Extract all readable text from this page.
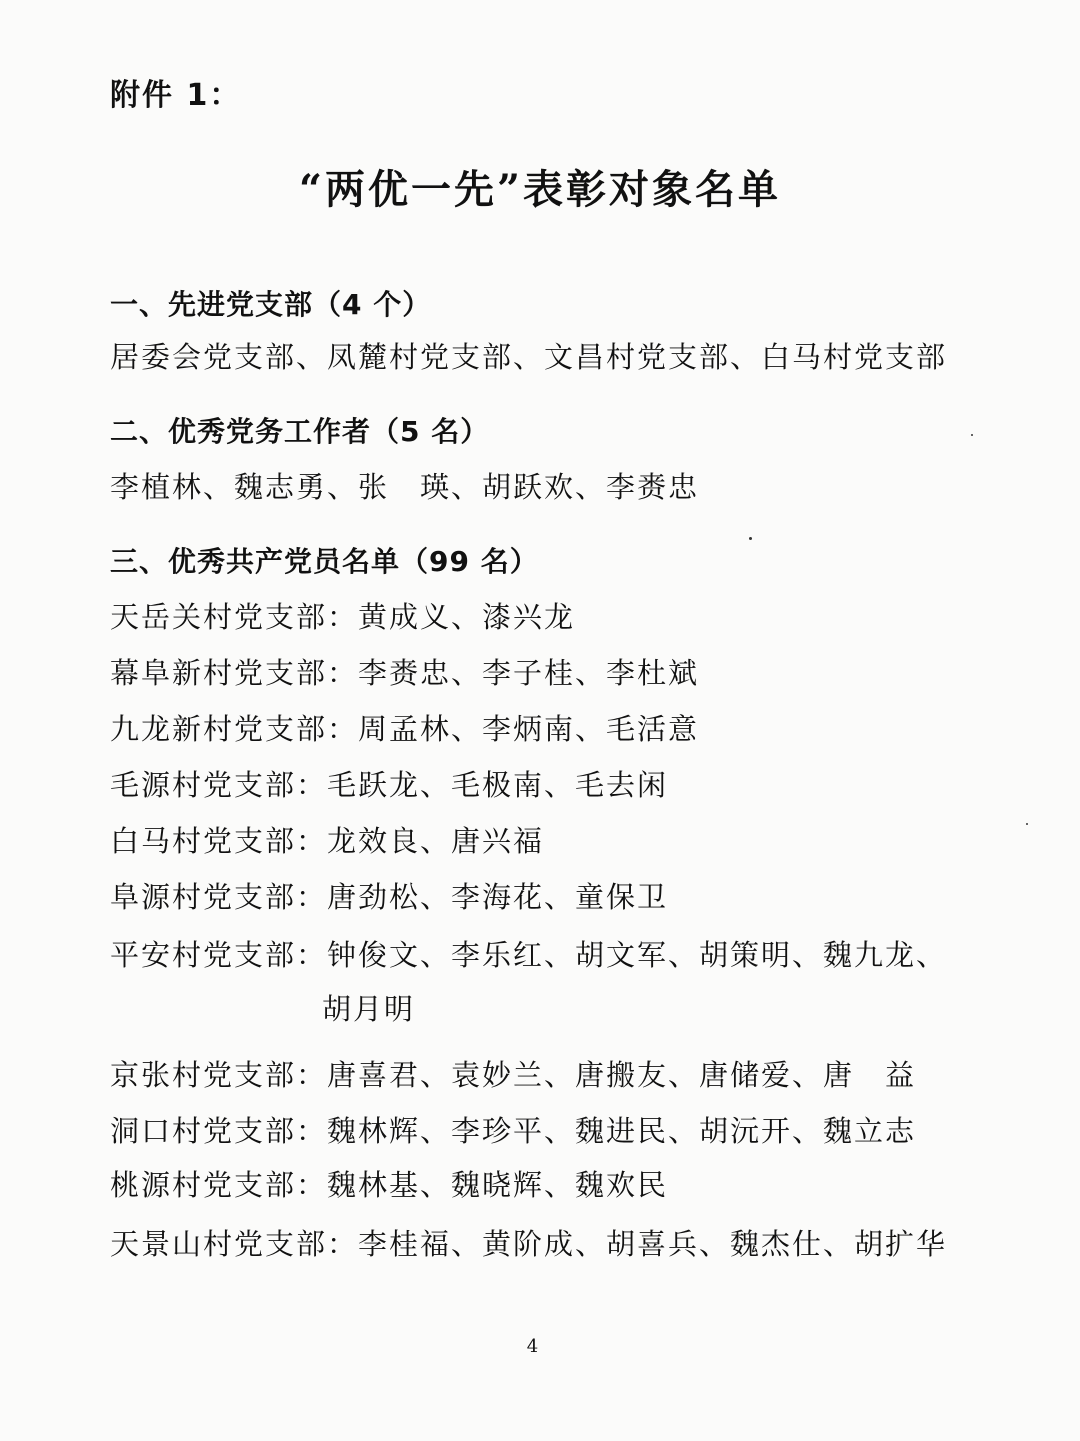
附件 1：
“两优一先”表彰对象名单
一、先进党支部（4 个）
居委会党支部、凤麓村党支部、文昌村党支部、白马村党支部
二、优秀党务工作者（5 名）
李植林、魏志勇、张　瑛、胡跃欢、李赉忠
三、优秀共产党员名单（99 名）
天岳关村党支部：黄成义、漆兴龙
幕阜新村党支部：李赉忠、李子桂、李杜斌
九龙新村党支部：周孟林、李炳南、毛活意
毛源村党支部：毛跃龙、毛极南、毛去闲
白马村党支部：龙效良、唐兴福
阜源村党支部：唐劲松、李海花、童保卫
平安村党支部：钟俊文、李乐红、胡文军、胡策明、魏九龙、
胡月明
京张村党支部：唐喜君、袁妙兰、唐搬友、唐储爱、唐　益
洞口村党支部：魏林辉、李珍平、魏进民、胡沅开、魏立志
桃源村党支部：魏林基、魏晓辉、魏欢民
天景山村党支部：李桂福、黄阶成、胡喜兵、魏杰仕、胡扩华
4
